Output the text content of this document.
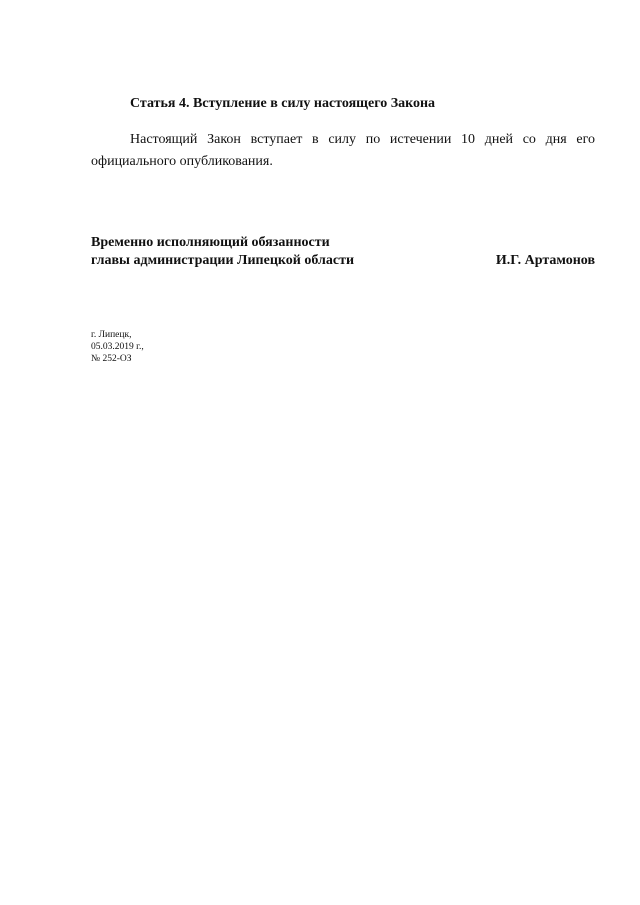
Статья 4. Вступление в силу настоящего Закона
Настоящий Закон вступает в силу по истечении 10 дней со дня его официального опубликования.
Временно исполняющий обязанности
главы администрации Липецкой области	И.Г. Артамонов
г. Липецк,
05.03.2019 г.,
№ 252-ОЗ
